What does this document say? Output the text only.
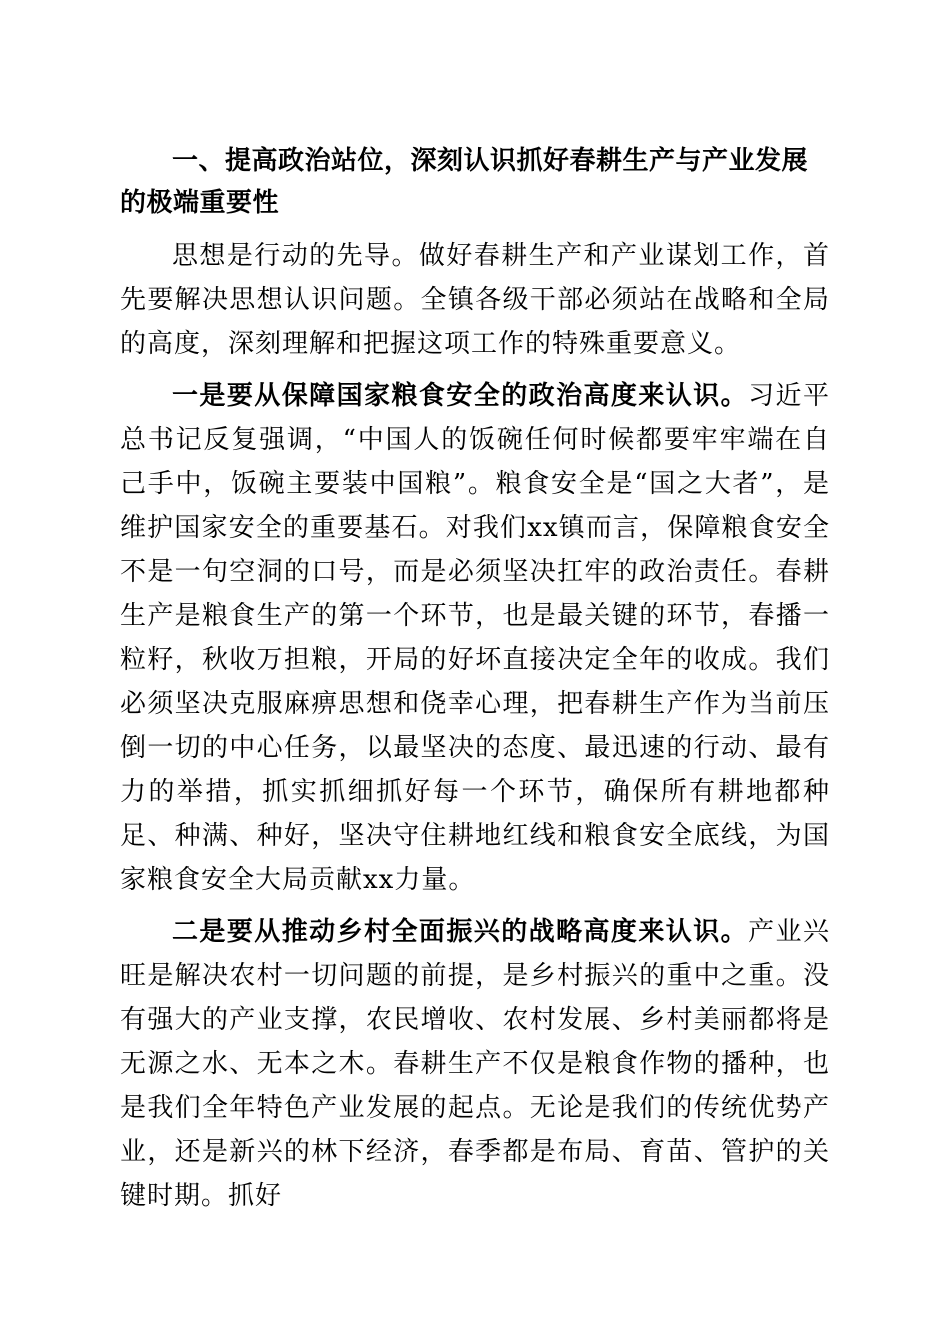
一、提高政治站位，深刻认识抓好春耕生产与产业发展的极端重要性

思想是行动的先导。做好春耕生产和产业谋划工作，首先要解决思想认识问题。全镇各级干部必须站在战略和全局的高度，深刻理解和把握这项工作的特殊重要意义。

一是要从保障国家粮食安全的政治高度来认识。习近平总书记反复强调，“中国人的饭碗任何时候都要牢牢端在自己手中，饭碗主要装中国粮”。粮食安全是“国之大者”，是维护国家安全的重要基石。对我们xx镇而言，保障粮食安全不是一句空洞的口号，而是必须坚决扛牢的政治责任。春耕生产是粮食生产的第一个环节，也是最关键的环节，春播一粒籽，秋收万担粮，开局的好坏直接决定全年的收成。我们必须坚决克服麻痹思想和侥幸心理，把春耕生产作为当前压倒一切的中心任务，以最坚决的态度、最迅速的行动、最有力的举措，抓实抓细抓好每一个环节，确保所有耕地都种足、种满、种好，坚决守住耕地红线和粮食安全底线，为国家粮食安全大局贡献xx力量。

二是要从推动乡村全面振兴的战略高度来认识。产业兴旺是解决农村一切问题的前提，是乡村振兴的重中之重。没有强大的产业支撑，农民增收、农村发展、乡村美丽都将是无源之水、无本之木。春耕生产不仅是粮食作物的播种，也是我们全年特色产业发展的起点。无论是我们的传统优势产业，还是新兴的林下经济，春季都是布局、育苗、管护的关键时期。抓好
